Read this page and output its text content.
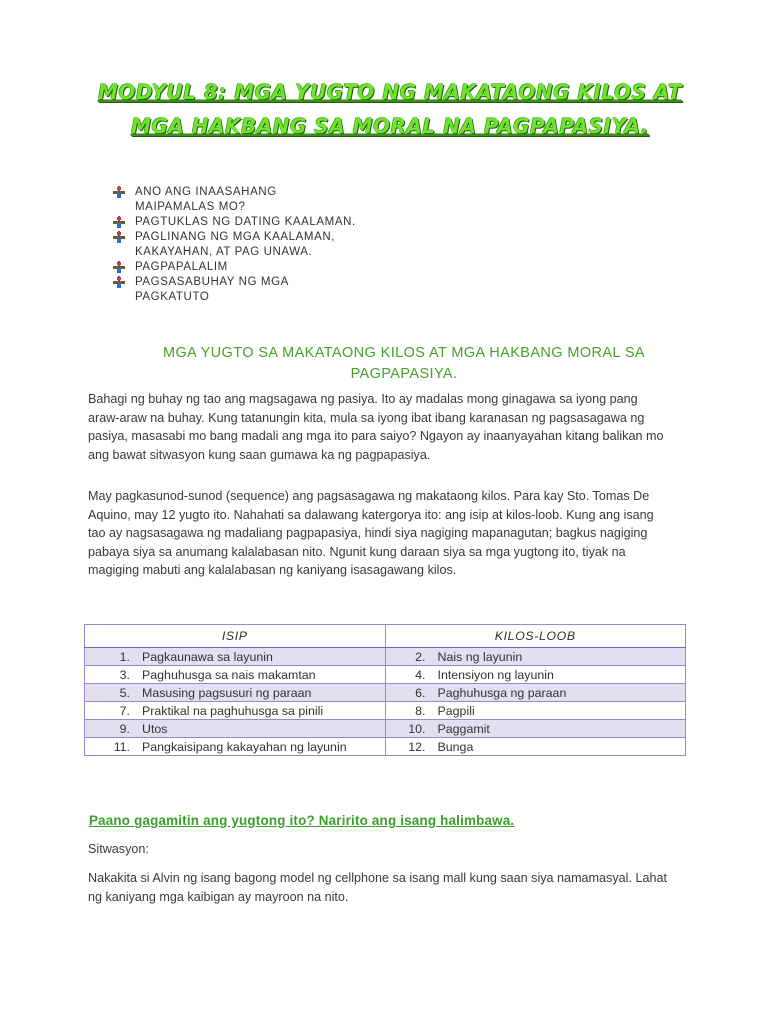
MODYUL 8: MGA YUGTO NG MAKATAONG KILOS AT
MGA HAKBANG SA MORAL NA PAGPAPASIYA.
ANO ANG INAASAHANG
MAIPAMALAS MO?
PAGTUKLAS NG DATING KAALAMAN.
PAGLINANG NG MGA KAALAMAN,
KAKAYAHAN, AT PAG UNAWA.
PAGPAPALALIM
PAGSASABUHAY NG MGA
PAGKATUTO
MGA YUGTO SA MAKATAONG KILOS AT MGA HAKBANG MORAL SA
PAGPAPASIYA.
Bahagi ng buhay ng tao ang magsagawa ng pasiya. Ito ay madalas mong ginagawa sa iyong pang araw-araw na buhay. Kung tatanungin kita, mula sa iyong ibat ibang karanasan ng pagsasagawa ng pasiya, masasabi mo bang madali ang mga ito para saiyo? Ngayon ay inaanyayahan kitang balikan mo ang bawat sitwasyon kung saan gumawa ka ng pagpapasiya.
May pagkasunod-sunod (sequence) ang pagsasagawa ng makataong kilos. Para kay Sto. Tomas De Aquino, may 12 yugto ito. Nahahati sa dalawang katergorya ito: ang isip at kilos-loob. Kung ang isang tao ay nagsasagawa ng madaliang pagpapasiya, hindi siya nagiging mapanagutan; bagkus nagiging pabaya siya sa anumang kalalabasan nito. Ngunit kung daraan siya sa mga yugtong ito, tiyak na magiging mabuti ang kalalabasan ng kaniyang isasagawang kilos.
ISIP	KILOS-LOOB

1. Pagkaunawa sa layunin	2. Nais ng layunin

3. Paghuhusga sa nais makamtan	4. Intensiyon ng layunin

5. Masusing pagsusuri ng paraan	6. Paghuhusga ng paraan

7. Praktikal na paghuhusga sa pinili	8. Pagpili

9. Utos	10. Paggamit

11. Pangkaisipang kakayahan ng layunin	12. Bunga
Paano gagamitin ang yugtong ito? Naririto ang isang halimbawa.
Sitwasyon:
Nakakita si Alvin ng isang bagong model ng cellphone sa isang mall kung saan siya namamasyal. Lahat ng kaniyang mga kaibigan ay mayroon na nito.
